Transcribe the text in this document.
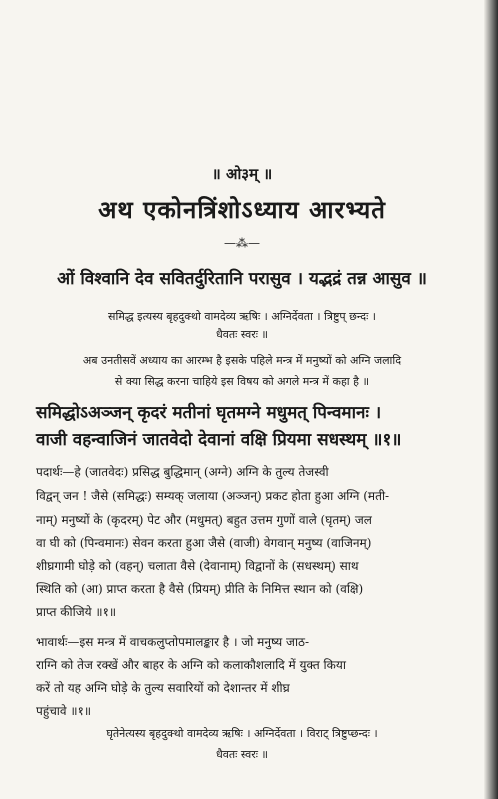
॥ ओ३म् ॥
अथ एकोनत्रिंशोऽध्याय आरभ्यते
—⁂—
ओं विश्वानि देव सवितर्दुरितानि परासुव । यद्भद्रं तन्न आसुव ॥
समिद्ध इत्यस्य बृहदुक्थो वामदेव्य ऋषिः । अग्निर्देवता । त्रिष्टुप् छन्दः ।
धैवतः स्वरः ॥
अब उनतीसवें अध्याय का आरम्भ है इसके पहिले मन्त्र में मनुष्यों को अग्नि जलादि
से क्या सिद्ध करना चाहिये इस विषय को अगले मन्त्र में कहा है ॥
समिद्धोऽअञ्जन् कृदरं मतीनां घृतमग्ने मधुमत् पिन्वमानः ।
वाजी वहन्वाजिनं जातवेदो देवानां वक्षि प्रियमा सधस्थम् ॥१॥
पदार्थः—हे (जातवेदः) प्रसिद्ध बुद्धिमान् (अग्ने) अग्नि के तुल्य तेजस्वी
विद्वन् जन ! जैसे (समिद्धः) सम्यक् जलाया (अञ्जन्) प्रकट होता हुआ अग्नि (मती-
नाम्) मनुष्यों के (कृदरम्) पेट और (मधुमत्) बहुत उत्तम गुणों वाले (घृतम्) जल
वा घी को (पिन्वमानः) सेवन करता हुआ जैसे (वाजी) वेगवान् मनुष्य (वाजिनम्)
शीघ्रगामी घोड़े को (वहन्) चलाता वैसे (देवानाम्) विद्वानों के (सधस्थम्) साथ
स्थिति को (आ) प्राप्त करता है वैसे (प्रियम्) प्रीति के निमित्त स्थान को (वक्षि)
प्राप्त कीजिये ॥१॥
भावार्थः—इस मन्त्र में वाचकलुप्तोपमालङ्कार है । जो मनुष्य जाठ-
राग्नि को तेज रक्खें और बाहर के अग्नि को कलाकौशलादि में युक्त किया
करें तो यह अग्नि घोड़े के तुल्य सवारियों को देशान्तर में शीघ्र
पहुंचावे ॥१॥
घृतेनेत्यस्य बृहदुक्थो वामदेव्य ऋषिः । अग्निर्देवता । विराट् त्रिष्टुप्छन्दः ।
धैवतः स्वरः ॥
